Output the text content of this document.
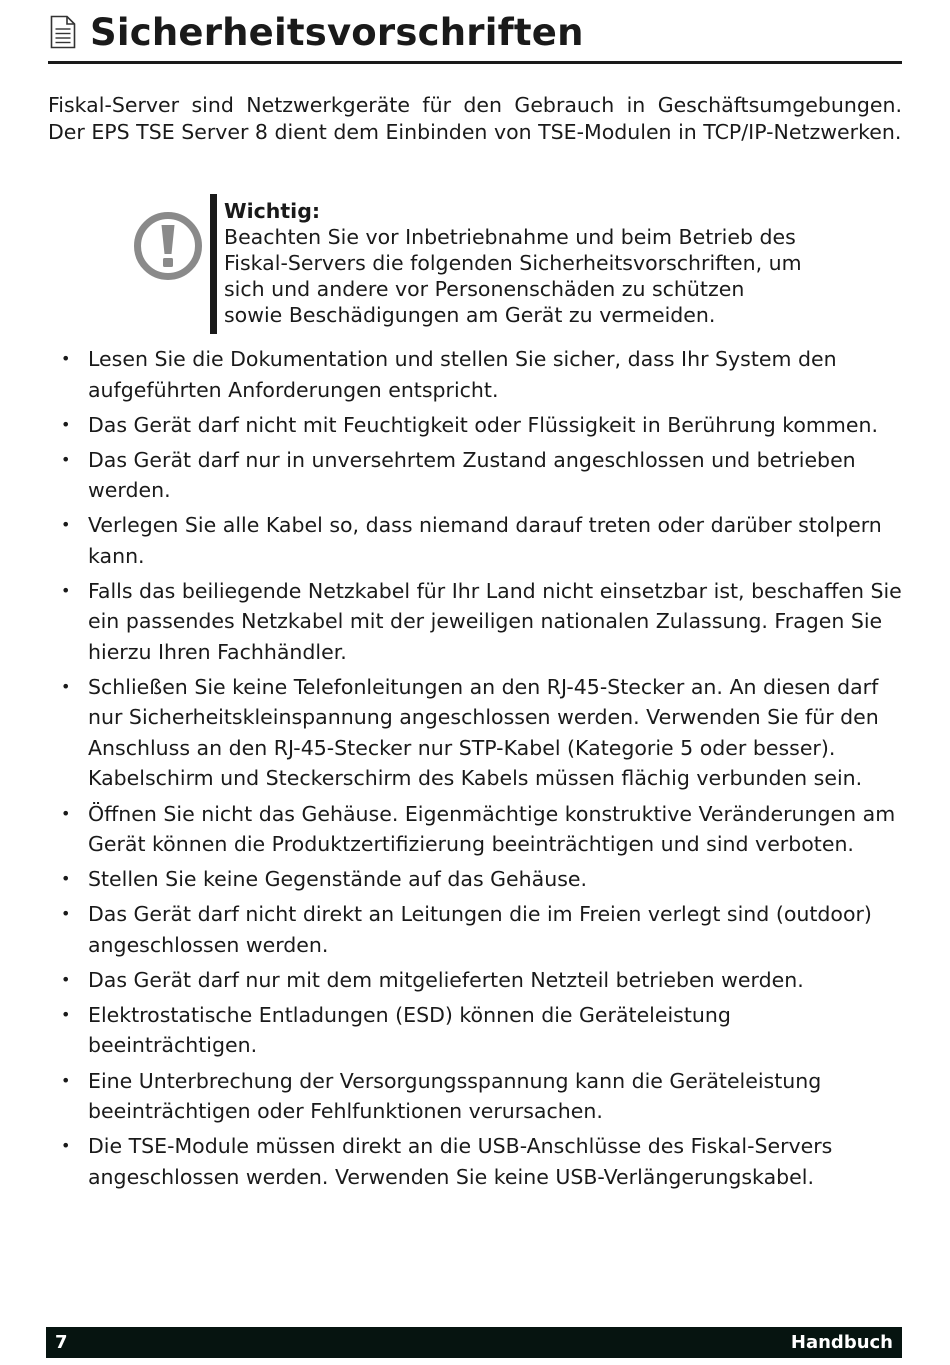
Sicherheitsvorschriften

Fiskal-Server sind Netzwerkgeräte für den Gebrauch in Geschäftsumgebungen. Der EPS TSE Server 8 dient dem Einbinden von TSE-Modulen in TCP/IP-Netzwerken.

Wichtig:
Beachten Sie vor Inbetriebnahme und beim Betrieb des
Fiskal-Servers die folgenden Sicherheitsvorschriften, um
sich und andere vor Personenschäden zu schützen
sowie Beschädigungen am Gerät zu vermeiden.
• Lesen Sie die Dokumentation und stellen Sie sicher, dass Ihr System den aufgeführten Anforderungen entspricht.
• Das Gerät darf nicht mit Feuchtigkeit oder Flüssigkeit in Berührung kommen.
• Das Gerät darf nur in unversehrtem Zustand angeschlossen und betrieben werden.
• Verlegen Sie alle Kabel so, dass niemand darauf treten oder darüber stolpern kann.
• Falls das beiliegende Netzkabel für Ihr Land nicht einsetzbar ist, beschaffen Sie ein passendes Netzkabel mit der jeweiligen nationalen Zulassung. Fragen Sie hierzu Ihren Fachhändler.
• Schließen Sie keine Telefonleitungen an den RJ-45-Stecker an. An diesen darf nur Sicherheitskleinspannung angeschlossen werden. Verwenden Sie für den Anschluss an den RJ-45-Stecker nur STP-Kabel (Kategorie 5 oder besser). Kabelschirm und Steckerschirm des Kabels müssen flächig verbunden sein.
• Öffnen Sie nicht das Gehäuse. Eigenmächtige konstruktive Veränderungen am Gerät können die Produktzertifizierung beeinträchtigen und sind verboten.
• Stellen Sie keine Gegenstände auf das Gehäuse.
• Das Gerät darf nicht direkt an Leitungen die im Freien verlegt sind (outdoor) angeschlossen werden.
• Das Gerät darf nur mit dem mitgelieferten Netzteil betrieben werden.
• Elektrostatische Entladungen (ESD) können die Geräteleistung beeinträchtigen.
• Eine Unterbrechung der Versorgungsspannung kann die Geräteleistung beeinträchtigen oder Fehlfunktionen verursachen.
• Die TSE-Module müssen direkt an die USB-Anschlüsse des Fiskal-Servers angeschlossen werden. Verwenden Sie keine USB-Verlängerungskabel.
7	Handbuch
